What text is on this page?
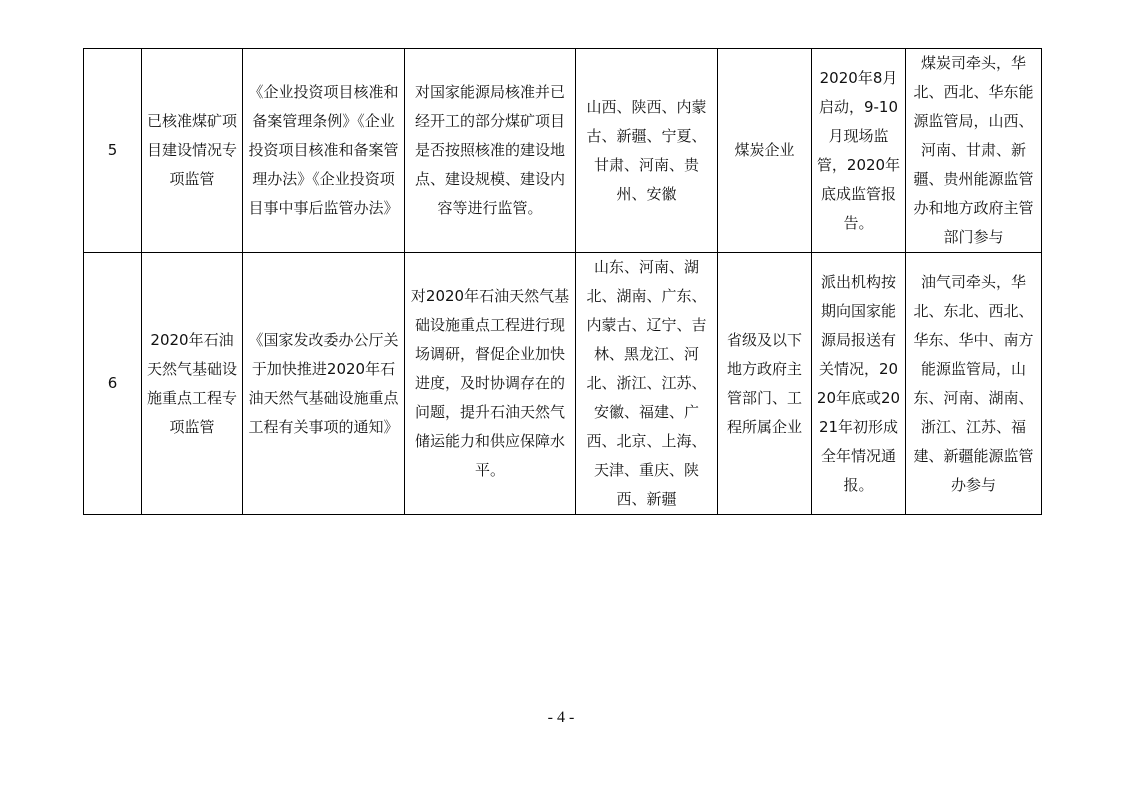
5	已核准煤矿项目建设情况专项监管	《企业投资项目核准和备案管理条例》《企业投资项目核准和备案管理办法》《企业投资项目事中事后监管办法》	对国家能源局核准并已经开工的部分煤矿项目是否按照核准的建设地点、建设规模、建设内容等进行监管。	山西、陕西、内蒙古、新疆、宁夏、甘肃、河南、贵州、安徽	煤炭企业	2020年8月启动，9-10月现场监管，2020年底成监管报告。	煤炭司牵头，华北、西北、华东能源监管局，山西、河南、甘肃、新疆、贵州能源监管办和地方政府主管部门参与

6	2020年石油天然气基础设施重点工程专项监管	《国家发改委办公厅关于加快推进2020年石油天然气基础设施重点工程有关事项的通知》	对2020年石油天然气基础设施重点工程进行现场调研，督促企业加快进度，及时协调存在的问题，提升石油天然气储运能力和供应保障水平。	山东、河南、湖北、湖南、广东、内蒙古、辽宁、吉林、黑龙江、河北、浙江、江苏、安徽、福建、广西、北京、上海、天津、重庆、陕西、新疆	省级及以下地方政府主管部门、工程所属企业	派出机构按期向国家能源局报送有关情况，2020年底或2021年初形成全年情况通报。	油气司牵头，华北、东北、西北、华东、华中、南方能源监管局，山东、河南、湖南、浙江、江苏、福建、新疆能源监管办参与
- 4 -
